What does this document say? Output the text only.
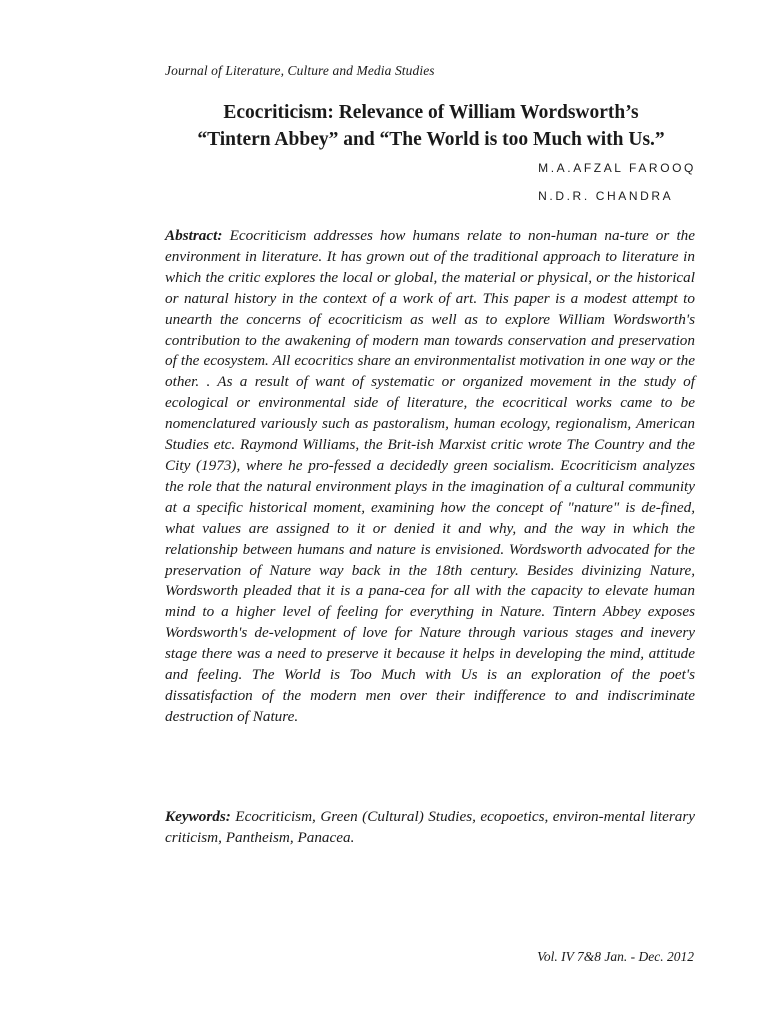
Journal of Literature, Culture and Media Studies
Ecocriticism: Relevance of William Wordsworth’s
“Tintern Abbey” and “The World is too Much with Us.”
M.A.AFZAL FAROOQ
N.D.R. CHANDRA
Abstract: Ecocriticism addresses how humans relate to non-human na-ture or the environment in literature. It has grown out of the traditional approach to literature in which the critic explores the local or global, the material or physical, or the historical or natural history in the context of a work of art. This paper is a modest attempt to unearth the concerns of ecocriticism as well as to explore William Wordsworth's contribution to the awakening of modern man towards conservation and preservation of the ecosystem. All ecocritics share an environmentalist motivation in one way or the other. . As a result of want of systematic or organized movement in the study of ecological or environmental side of literature, the ecocritical works came to be nomenclatured variously such as pastoralism, human ecology, regionalism, American Studies etc. Raymond Williams, the Brit-ish Marxist critic wrote The Country and the City (1973), where he pro-fessed a decidedly green socialism. Ecocriticism analyzes the role that the natural environment plays in the imagination of a cultural community at a specific historical moment, examining how the concept of "nature" is de-fined, what values are assigned to it or denied it and why, and the way in which the relationship between humans and nature is envisioned. Wordsworth advocated for the preservation of Nature way back in the 18th century. Besides divinizing Nature, Wordsworth pleaded that it is a pana-cea for all with the capacity to elevate human mind to a higher level of feeling for everything in Nature. Tintern Abbey exposes Wordsworth's de-velopment of love for Nature through various stages and inevery stage there was a need to preserve it because it helps in developing the mind, attitude and feeling. The World is Too Much with Us is an exploration of the poet's dissatisfaction of the modern men over their indifference to and indiscriminate destruction of Nature.
Keywords: Ecocriticism, Green (Cultural) Studies, ecopoetics, environ-mental literary criticism, Pantheism, Panacea.
Vol. IV 7&8 Jan. - Dec. 2012
